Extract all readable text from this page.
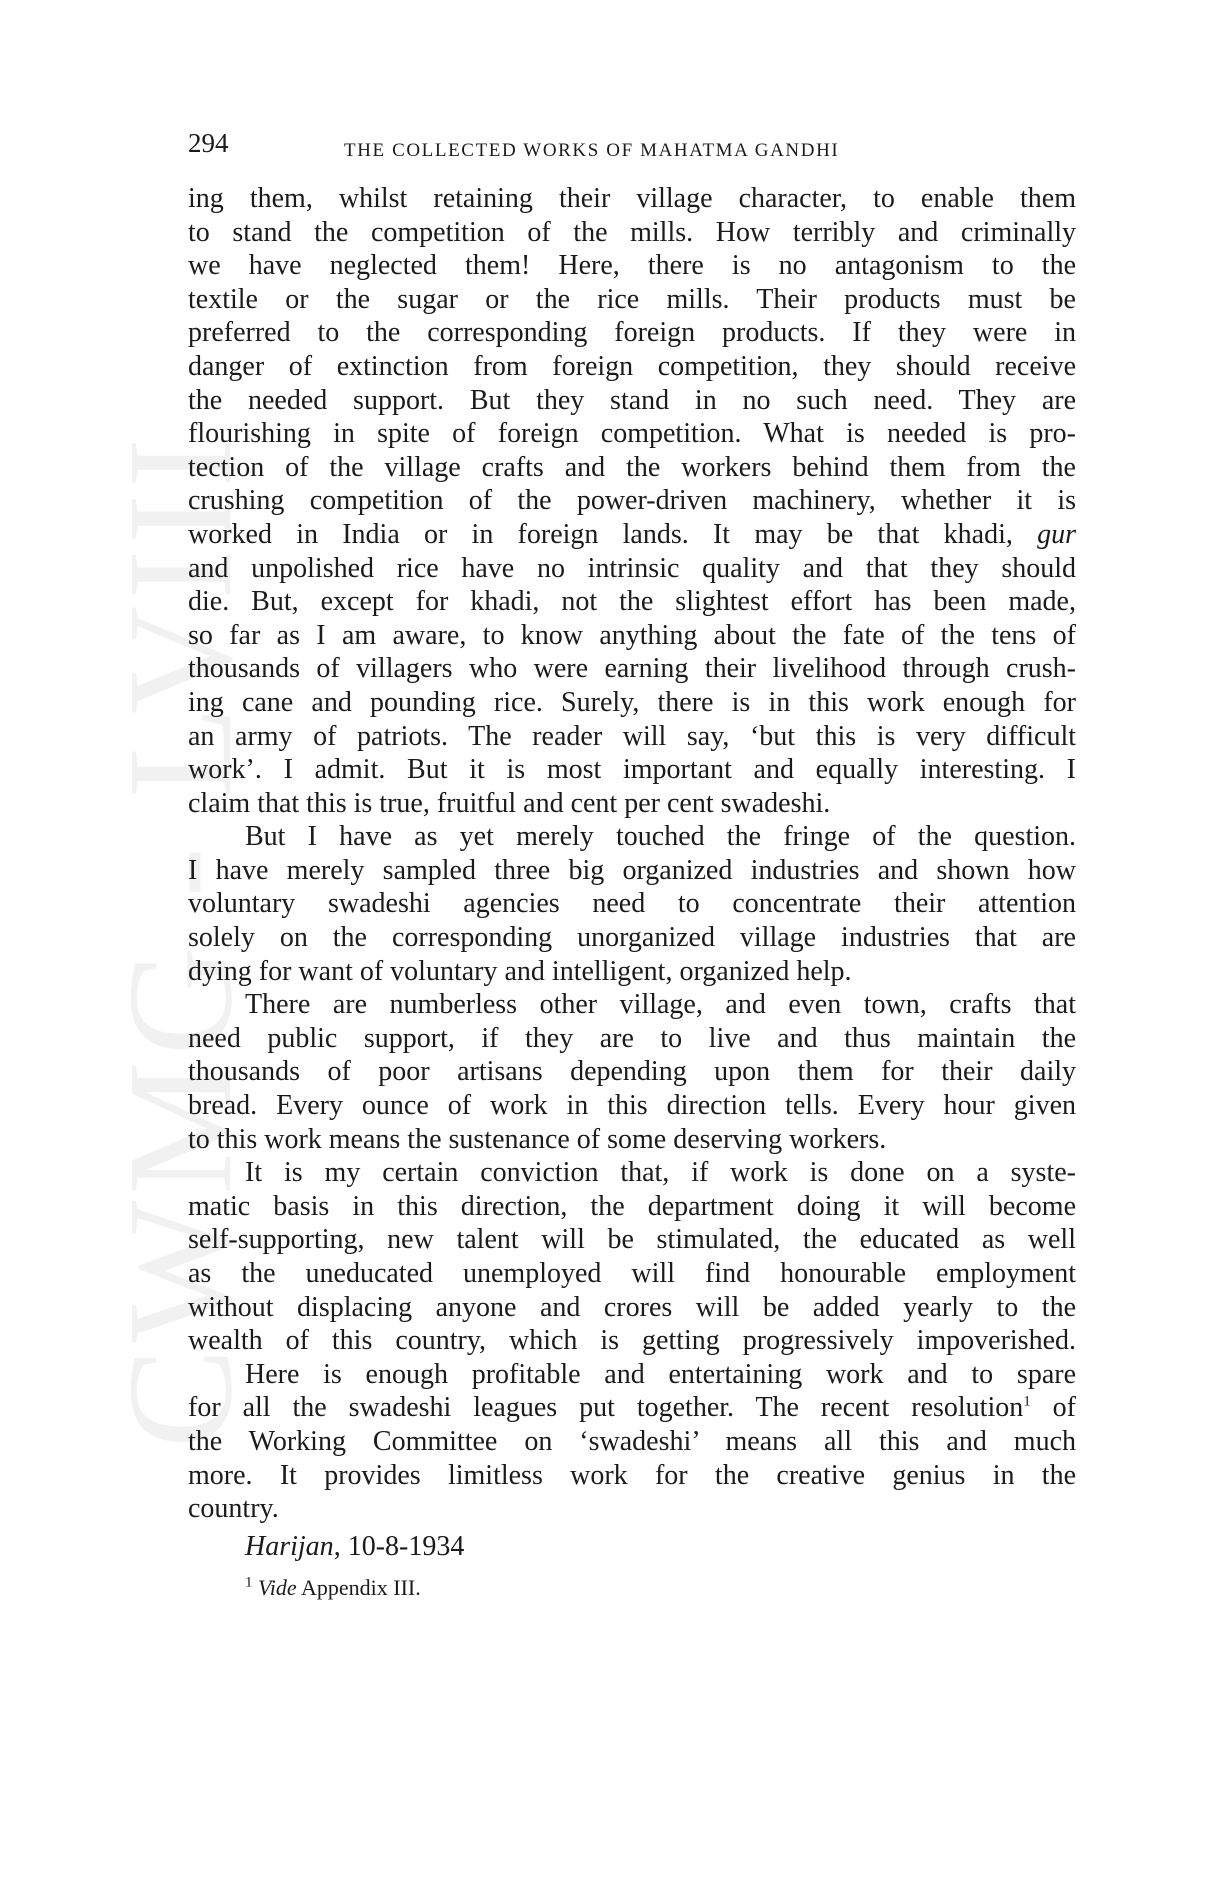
CWMG - LVIII
294	THE COLLECTED WORKS OF MAHATMA GANDHI
ing them, whilst retaining their village character, to enable them
to stand the competition of the mills. How terribly and criminally
we have neglected them! Here, there is no antagonism to the
textile or the sugar or the rice mills. Their products must be
preferred to the corresponding foreign products. If they were in
danger of extinction from foreign competition, they should receive
the needed support. But they stand in no such need. They are
flourishing in spite of foreign competition. What is needed is pro-
tection of the village crafts and the workers behind them from the
crushing competition of the power-driven machinery, whether it is
worked in India or in foreign lands. It may be that khadi, gur
and unpolished rice have no intrinsic quality and that they should
die. But, except for khadi, not the slightest effort has been made,
so far as I am aware, to know anything about the fate of the tens of
thousands of villagers who were earning their livelihood through crush-
ing cane and pounding rice. Surely, there is in this work enough for
an army of patriots. The reader will say, ‘but this is very difficult
work’. I admit. But it is most important and equally interesting. I
claim that this is true, fruitful and cent per cent swadeshi.
But I have as yet merely touched the fringe of the question.
I have merely sampled three big organized industries and shown how
voluntary swadeshi agencies need to concentrate their attention
solely on the corresponding unorganized village industries that are
dying for want of voluntary and intelligent, organized help.
There are numberless other village, and even town, crafts that
need public support, if they are to live and thus maintain the
thousands of poor artisans depending upon them for their daily
bread. Every ounce of work in this direction tells. Every hour given
to this work means the sustenance of some deserving workers.
It is my certain conviction that, if work is done on a syste-
matic basis in this direction, the department doing it will become
self-supporting, new talent will be stimulated, the educated as well
as the uneducated unemployed will find honourable employment
without displacing anyone and crores will be added yearly to the
wealth of this country, which is getting progressively impoverished.
Here is enough profitable and entertaining work and to spare
for all the swadeshi leagues put together. The recent resolution$^1$ of
the Working Committee on ‘swadeshi’ means all this and much
more. It provides limitless work for the creative genius in the
country.
Harijan, 10-8-1934
$^1$ Vide Appendix III.
